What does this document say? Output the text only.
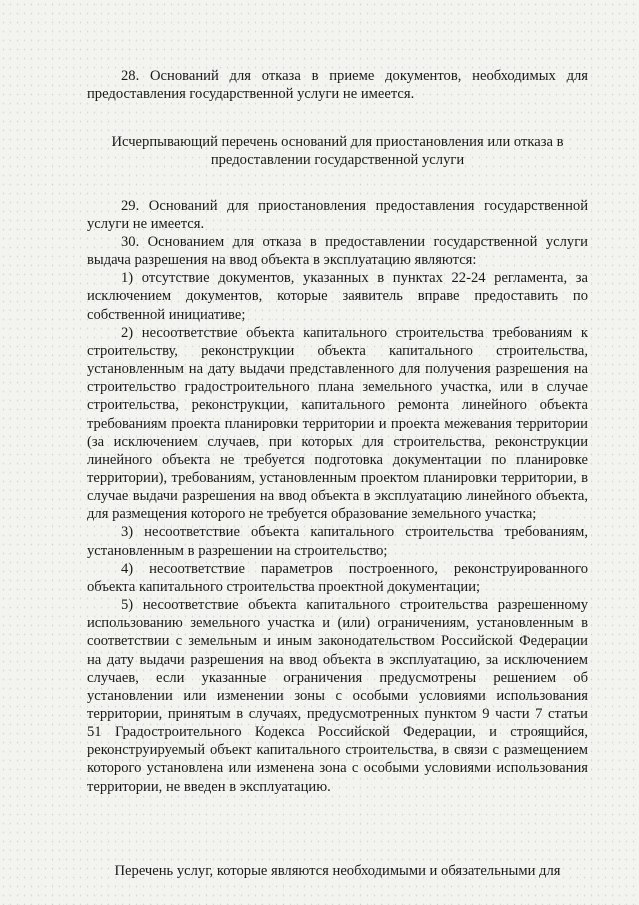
28. Оснований для отказа в приеме документов, необходимых для предоставления государственной услуги не имеется.

Исчерпывающий перечень оснований для приостановления или отказа в предоставлении государственной услуги

29. Оснований для приостановления предоставления государственной услуги не имеется.

30. Основанием для отказа в предоставлении государственной услуги выдача разрешения на ввод объекта в эксплуатацию являются:

1) отсутствие документов, указанных в пунктах 22-24 регламента, за исключением документов, которые заявитель вправе предоставить по собственной инициативе;

2) несоответствие объекта капитального строительства требованиям к строительству, реконструкции объекта капитального строительства, установленным на дату выдачи представленного для получения разрешения на строительство градостроительного плана земельного участка, или в случае строительства, реконструкции, капитального ремонта линейного объекта требованиям проекта планировки территории и проекта межевания территории (за исключением случаев, при которых для строительства, реконструкции линейного объекта не требуется подготовка документации по планировке территории), требованиям, установленным проектом планировки территории, в случае выдачи разрешения на ввод объекта в эксплуатацию линейного объекта, для размещения которого не требуется образование земельного участка;

3) несоответствие объекта капитального строительства требованиям, установленным в разрешении на строительство;

4) несоответствие параметров построенного, реконструированного объекта капитального строительства проектной документации;

5) несоответствие объекта капитального строительства разрешенному использованию земельного участка и (или) ограничениям, установленным в соответствии с земельным и иным законодательством Российской Федерации на дату выдачи разрешения на ввод объекта в эксплуатацию, за исключением случаев, если указанные ограничения предусмотрены решением об установлении или изменении зоны с особыми условиями использования территории, принятым в случаях, предусмотренных пунктом 9 части 7 статьи 51 Градостроительного Кодекса Российской Федерации, и строящийся, реконструируемый объект капитального строительства, в связи с размещением которого установлена или изменена зона с особыми условиями использования территории, не введен в эксплуатацию.

Перечень услуг, которые являются необходимыми и обязательными для
